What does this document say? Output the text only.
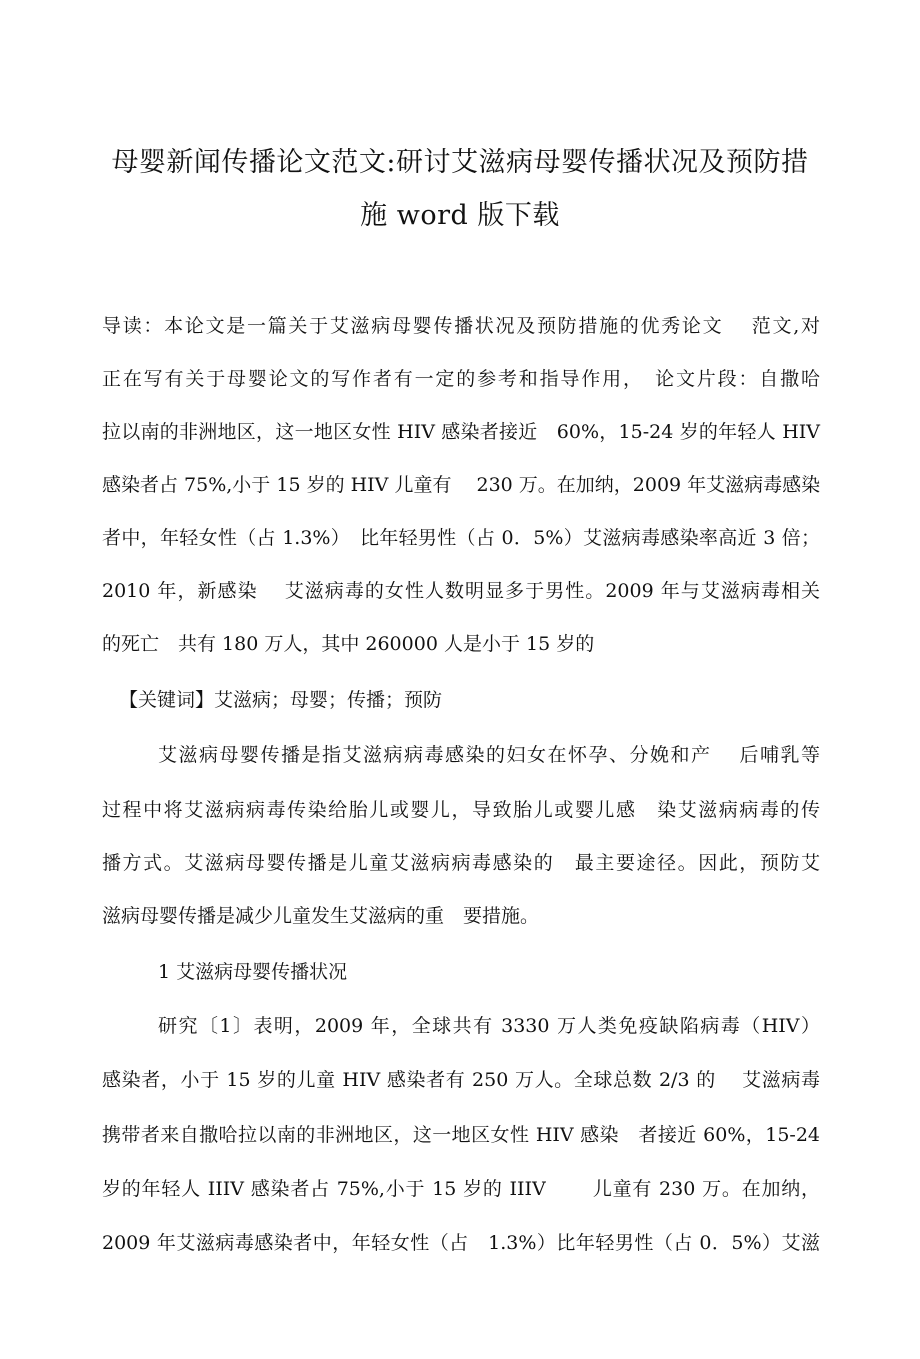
母婴新闻传播论文范文:研讨艾滋病母婴传播状况及预防措
施 word 版下载
导读：本论文是一篇关于艾滋病母婴传播状况及预防措施的优秀论文　 范文,对
正在写有关于母婴论文的写作者有一定的参考和指导作用，　论文片段：自撒哈
拉以南的非洲地区，这一地区女性 HIV 感染者接近　60%，15-24 岁的年轻人 HIV
感染者占 75%,小于 15 岁的 HIV 儿童有　 230 万。在加纳，2009 年艾滋病毒感染
者中，年轻女性（占 1.3%）　比年轻男性（占 0．5%）艾滋病毒感染率高近 3 倍；
2010 年，新感染　 艾滋病毒的女性人数明显多于男性。2009 年与艾滋病毒相关
的死亡　共有 180 万人，其中 260000 人是小于 15 岁的
【关键词】艾滋病；母婴；传播；预防
艾滋病母婴传播是指艾滋病病毒感染的妇女在怀孕、分娩和产　 后哺乳等
过程中将艾滋病病毒传染给胎儿或婴儿，导致胎儿或婴儿感　染艾滋病病毒的传
播方式。艾滋病母婴传播是儿童艾滋病病毒感染的　最主要途径。因此，预防艾
滋病母婴传播是减少儿童发生艾滋病的重　要措施。
1 艾滋病母婴传播状况
研究〔1〕表明，2009 年，全球共有 3330 万人类免疫缺陷病毒（HIV）
感染者，小于 15 岁的儿童 HIV 感染者有 250 万人。全球总数 2/3 的　 艾滋病毒
携带者来自撒哈拉以南的非洲地区，这一地区女性 HIV 感染　者接近 60%，15-24
岁的年轻人 IIIV 感染者占 75%,小于 15 岁的 IIIV　　 儿童有 230 万。在加纳，
2009 年艾滋病毒感染者中，年轻女性（占　1.3%）比年轻男性（占 0．5%）艾滋
